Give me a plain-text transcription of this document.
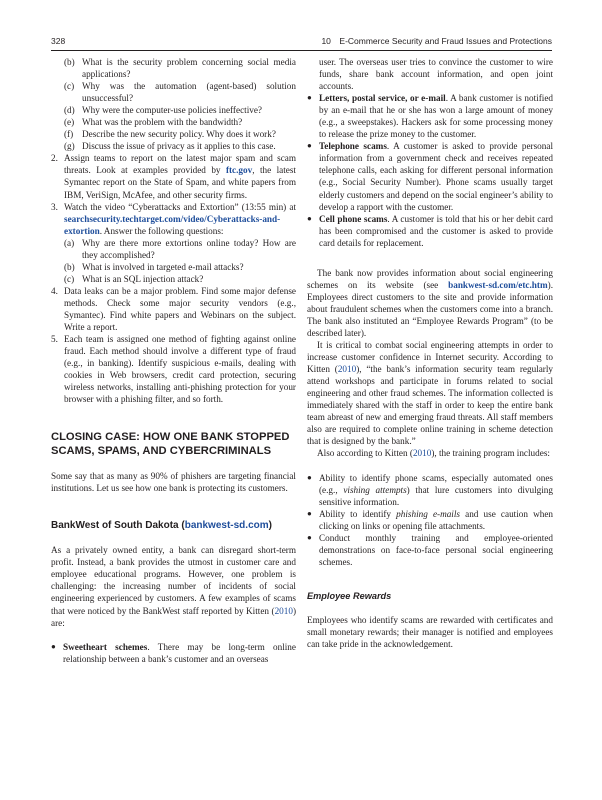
328	10 E-Commerce Security and Fraud Issues and Protections
(b) What is the security problem concerning social media applications?
(c) Why was the automation (agent-based) solution unsuccessful?
(d) Why were the computer-use policies ineffective?
(e) What was the problem with the bandwidth?
(f) Describe the new security policy. Why does it work?
(g) Discuss the issue of privacy as it applies to this case.
2. Assign teams to report on the latest major spam and scam threats. Look at examples provided by ftc.gov, the latest Symantec report on the State of Spam, and white papers from IBM, VeriSign, McAfee, and other security firms.
3. Watch the video “Cyberattacks and Extortion” (13:55 min) at searchsecurity.techtarget.com/video/Cyberattacks-and-extortion. Answer the following questions:
(a) Why are there more extortions online today? How are they accomplished?
(b) What is involved in targeted e-mail attacks?
(c) What is an SQL injection attack?
4. Data leaks can be a major problem. Find some major defense methods. Check some major security vendors (e.g., Symantec). Find white papers and Webinars on the subject. Write a report.
5. Each team is assigned one method of fighting against online fraud. Each method should involve a different type of fraud (e.g., in banking). Identify suspicious e-mails, dealing with cookies in Web browsers, credit card protection, securing wireless networks, installing anti-phishing protection for your browser with a phishing filter, and so forth.

CLOSING CASE: HOW ONE BANK STOPPED SCAMS, SPAMS, AND CYBERCRIMINALS

Some say that as many as 90% of phishers are targeting financial institutions. Let us see how one bank is protecting its customers.

BankWest of South Dakota (bankwest-sd.com)

As a privately owned entity, a bank can disregard short-term profit. Instead, a bank provides the utmost in customer care and employee educational programs. However, one problem is challenging: the increasing number of incidents of social engineering experienced by customers. A few examples of scams that were noticed by the BankWest staff reported by Kitten (2010) are:

● Sweetheart schemes. There may be long-term online relationship between a bank’s customer and an overseas
user. The overseas user tries to convince the customer to wire funds, share bank account information, and open joint accounts.
● Letters, postal service, or e-mail. A bank customer is notified by an e-mail that he or she has won a large amount of money (e.g., a sweepstakes). Hackers ask for some processing money to release the prize money to the customer.
● Telephone scams. A customer is asked to provide personal information from a government check and receives repeated telephone calls, each asking for different personal information (e.g., Social Security Number). Phone scams usually target elderly customers and depend on the social engineer’s ability to develop a rapport with the customer.
● Cell phone scams. A customer is told that his or her debit card has been compromised and the customer is asked to provide card details for replacement.

The bank now provides information about social engineering schemes on its website (see bankwest-sd.com/etc.htm). Employees direct customers to the site and provide information about fraudulent schemes when the customers come into a branch. The bank also instituted an “Employee Rewards Program” (to be described later).

It is critical to combat social engineering attempts in order to increase customer confidence in Internet security. According to Kitten (2010), “the bank’s information security team regularly attend workshops and participate in forums related to social engineering and other fraud schemes. The information collected is immediately shared with the staff in order to keep the entire bank team abreast of new and emerging fraud threats. All staff members also are required to complete online training in scheme detection that is designed by the bank.”

Also according to Kitten (2010), the training program includes:

● Ability to identify phone scams, especially automated ones (e.g., vishing attempts) that lure customers into divulging sensitive information.
● Ability to identify phishing e-mails and use caution when clicking on links or opening file attachments.
● Conduct monthly training and employee-oriented demonstrations on face-to-face personal social engineering schemes.

Employee Rewards

Employees who identify scams are rewarded with certificates and small monetary rewards; their manager is notified and employees can take pride in the acknowledgement.
